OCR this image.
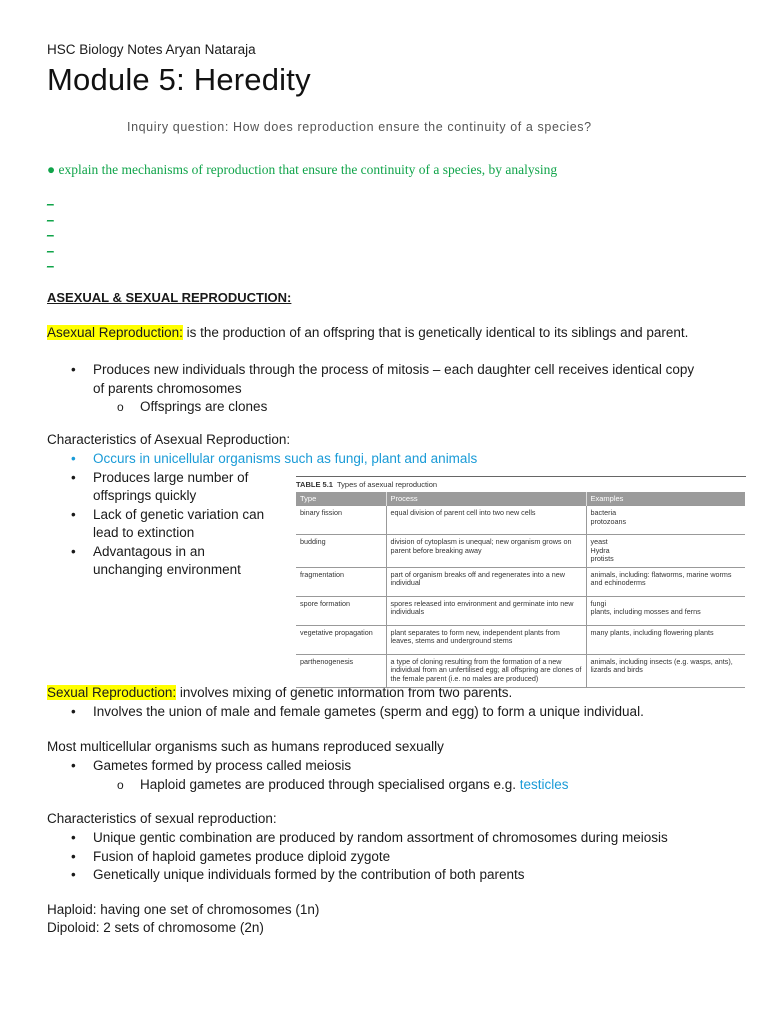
HSC Biology Notes Aryan Nataraja
Module 5: Heredity
Inquiry question: How does reproduction ensure the continuity of a species?
● explain the mechanisms of reproduction that ensure the continuity of a species, by analysing
_
_
_
_
_
ASEXUAL & SEXUAL REPRODUCTION:
Asexual Reproduction: is the production of an offspring that is genetically identical to its siblings and parent.
• Produces new individuals through the process of mitosis – each daughter cell receives identical copy of parents chromosomes
o Offsprings are clones
Characteristics of Asexual Reproduction:
• Occurs in unicellular organisms such as fungi, plant and animals
• Produces large number of offsprings quickly
• Lack of genetic variation can lead to extinction
• Advantagous in an unchanging environment
Sexual Reproduction: involves mixing of genetic information from two parents.
• Involves the union of male and female gametes (sperm and egg) to form a unique individual.
Most multicellular organisms such as humans reproduced sexually
• Gametes formed by process called meiosis
o Haploid gametes are produced through specialised organs e.g. testicles
Characteristics of sexual reproduction:
• Unique gentic combination are produced by random assortment of chromosomes during meiosis
• Fusion of haploid gametes produce diploid zygote
• Genetically unique individuals formed by the contribution of both parents
Haploid: having one set of chromosomes (1n)
Dipoloid: 2 sets of chromosome (2n)
TABLE 5.1 Types of asexual reproduction
Type	Process	Examples
binary fission	equal division of parent cell into two new cells	bacteria
protozoans
budding	division of cytoplasm is unequal; new organism grows on parent before breaking away	yeast
Hydra
protists
fragmentation	part of organism breaks off and regenerates into a new individual	animals, including: flatworms, marine worms and echinoderms
spore formation	spores released into environment and germinate into new individuals	fungi
plants, including mosses and ferns
vegetative propagation	plant separates to form new, independent plants from leaves, stems and underground stems	many plants, including flowering plants
parthenogenesis	a type of cloning resulting from the formation of a new individual from an unfertilised egg; all offspring are clones of the female parent (i.e. no males are produced)	animals, including insects (e.g. wasps, ants), lizards and birds
